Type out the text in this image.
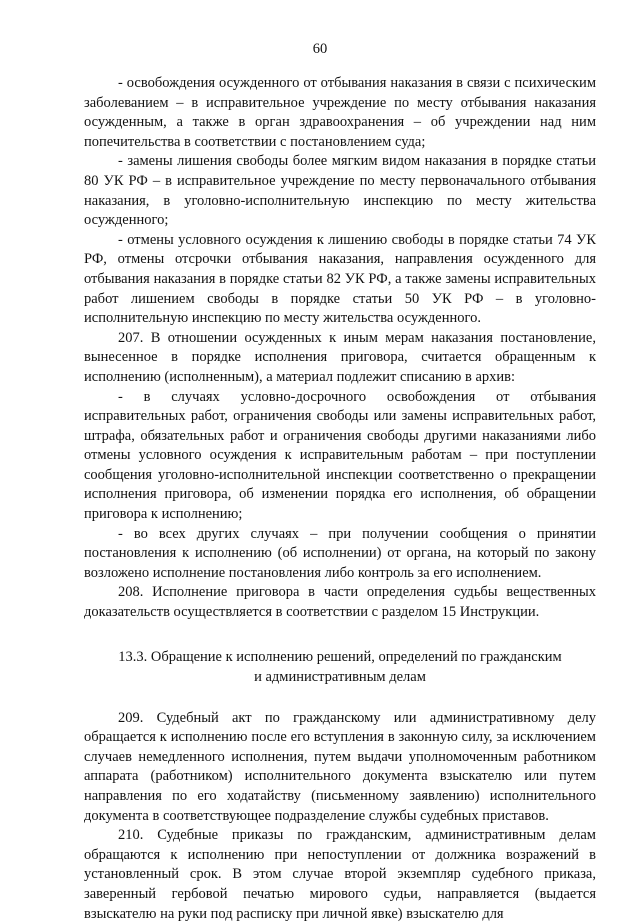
60

- освобождения осужденного от отбывания наказания в связи с психическим заболеванием – в исправительное учреждение по месту отбывания наказания осужденным, а также в орган здравоохранения – об учреждении над ним попечительства в соответствии с постановлением суда;

- замены лишения свободы более мягким видом наказания в порядке статьи 80 УК РФ – в исправительное учреждение по месту первоначального отбывания наказания, в уголовно-исполнительную инспекцию по месту жительства осужденного;

- отмены условного осуждения к лишению свободы в порядке статьи 74 УК РФ, отмены отсрочки отбывания наказания, направления осужденного для отбывания наказания в порядке статьи 82 УК РФ, а также замены исправительных работ лишением свободы в порядке статьи 50 УК РФ – в уголовно-исполнительную инспекцию по месту жительства осужденного.

207. В отношении осужденных к иным мерам наказания постановление, вынесенное в порядке исполнения приговора, считается обращенным к исполнению (исполненным), а материал подлежит списанию в архив:

- в случаях условно-досрочного освобождения от отбывания исправительных работ, ограничения свободы или замены исправительных работ, штрафа, обязательных работ и ограничения свободы другими наказаниями либо отмены условного осуждения к исправительным работам – при поступлении сообщения уголовно-исполнительной инспекции соответственно о прекращении исполнения приговора, об изменении порядка его исполнения, об обращении приговора к исполнению;

- во всех других случаях – при получении сообщения о принятии постановления к исполнению (об исполнении) от органа, на который по закону возложено исполнение постановления либо контроль за его исполнением.

208. Исполнение приговора в части определения судьбы вещественных доказательств осуществляется в соответствии с разделом 15 Инструкции.

13.3. Обращение к исполнению решений, определений по гражданским
и административным делам

209. Судебный акт по гражданскому или административному делу обращается к исполнению после его вступления в законную силу, за исключением случаев немедленного исполнения, путем выдачи уполномоченным работником аппарата (работником) исполнительного документа взыскателю или путем направления по его ходатайству (письменному заявлению) исполнительного документа в соответствующее подразделение службы судебных приставов.

210. Судебные приказы по гражданским, административным делам обращаются к исполнению при непоступлении от должника возражений в установленный срок. В этом случае второй экземпляр судебного приказа, заверенный гербовой печатью мирового судьи, направляется (выдается взыскателю на руки под расписку при личной явке) взыскателю для
